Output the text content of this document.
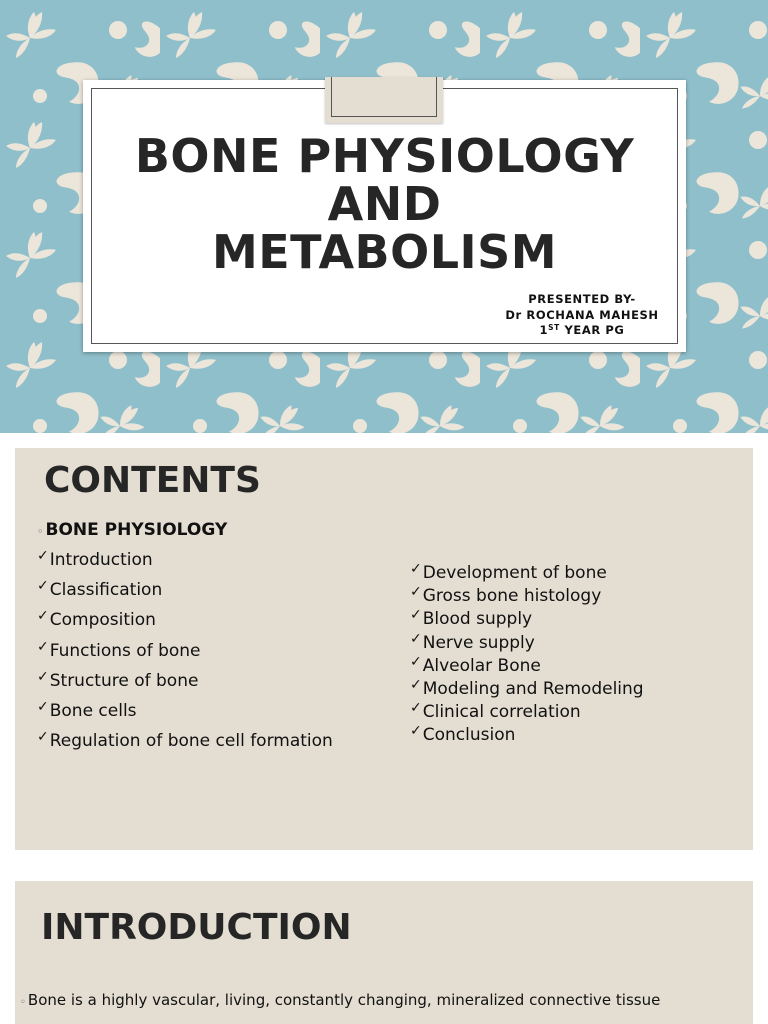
BONE PHYSIOLOGY
AND
METABOLISM
PRESENTED BY-
Dr ROCHANA MAHESH
1ST YEAR PG
CONTENTS
◦ BONE PHYSIOLOGY
✓Introduction
✓Classification
✓Composition
✓Functions of bone
✓Structure of bone
✓Bone cells
✓Regulation of bone cell formation
✓Development of bone
✓Gross bone histology
✓Blood supply
✓Nerve supply
✓Alveolar Bone
✓Modeling and Remodeling
✓Clinical correlation
✓Conclusion
INTRODUCTION
◦ Bone is a highly vascular, living, constantly changing, mineralized connective tissue
